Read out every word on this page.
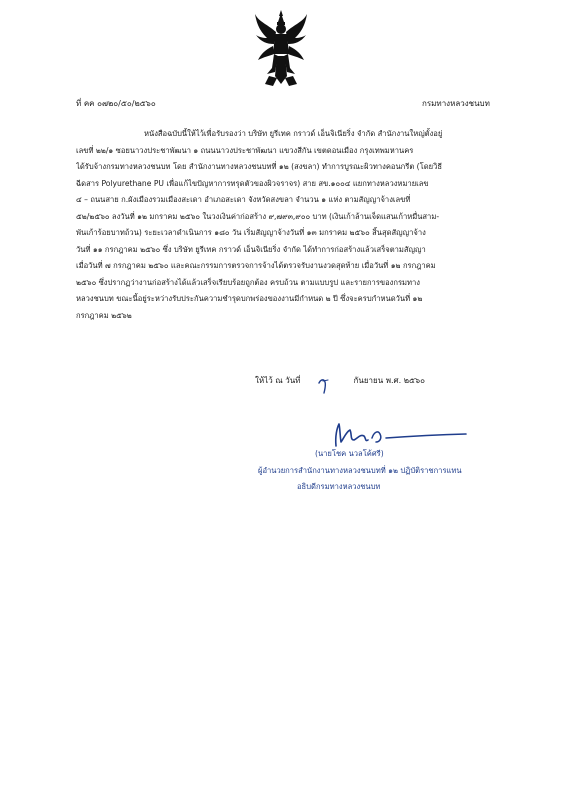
ที่ คค ๐๗๒๐/๕๐/๒๕๖๐	กรมทางหลวงชนบท
หนังสือฉบับนี้ให้ไว้เพื่อรับรองว่า บริษัท ยูรีเทค กราวด์ เอ็นจิเนียริ่ง จำกัด สำนักงานใหญ่ตั้งอยู่
เลขที่ ๒๒/๑ ซอยนาวงประชาพัฒนา ๑ ถนนนาวงประชาพัฒนา แขวงสีกัน เขตดอนเมือง กรุงเทพมหานคร
ได้รับจ้างกรมทางหลวงชนบท โดย สำนักงานทางหลวงชนบทที่ ๑๒ (สงขลา) ทำการบูรณะผิวทางคอนกรีต (โดยวิธี
ฉีดสาร Polyurethane PU เพื่อแก้ไขปัญหาการทรุดตัวของผิวจราจร) สาย สข.๑๐๐๔ แยกทางหลวงหมายเลข
๔ – ถนนสาย ก.ผังเมืองรวมเมืองสะเดา อำเภอสะเดา จังหวัดสงขลา จำนวน ๑ แห่ง ตามสัญญาจ้างเลขที่
๕๒/๒๕๖๐ ลงวันที่ ๑๒ มกราคม ๒๕๖๐ ในวงเงินค่าก่อสร้าง ๙,๗๙๓,๙๐๐ บาท (เงินเก้าล้านเจ็ดแสนเก้าหมื่นสาม-
พันเก้าร้อยบาทถ้วน) ระยะเวลาดำเนินการ ๑๘๐ วัน เริ่มสัญญาจ้างวันที่ ๑๓ มกราคม ๒๕๖๐ สิ้นสุดสัญญาจ้าง
วันที่ ๑๑ กรกฎาคม ๒๕๖๐ ซึ่ง บริษัท ยูรีเทค กราวด์ เอ็นจิเนียริ่ง จำกัด ได้ทำการก่อสร้างแล้วเสร็จตามสัญญา
เมื่อวันที่ ๗ กรกฎาคม ๒๕๖๐ และคณะกรรมการตรวจการจ้างได้ตรวจรับงานงวดสุดท้าย เมื่อวันที่ ๑๒ กรกฎาคม
๒๕๖๐ ซึ่งปรากฏว่างานก่อสร้างได้แล้วเสร็จเรียบร้อยถูกต้อง ครบถ้วน ตามแบบรูป และรายการของกรมทาง
หลวงชนบท ขณะนี้อยู่ระหว่างรับประกันความชำรุดบกพร่องของงานมีกำหนด ๒ ปี ซึ่งจะครบกำหนดวันที่ ๑๒
กรกฎาคม ๒๕๖๒
ให้ไว้ ณ วันที่	กันยายน พ.ศ. ๒๕๖๐
(นายโชค นวลโค้ศรี)
ผู้อำนวยการสำนักงานทางหลวงชนบทที่ ๑๒ ปฏิบัติราชการแทน
อธิบดีกรมทางหลวงชนบท
